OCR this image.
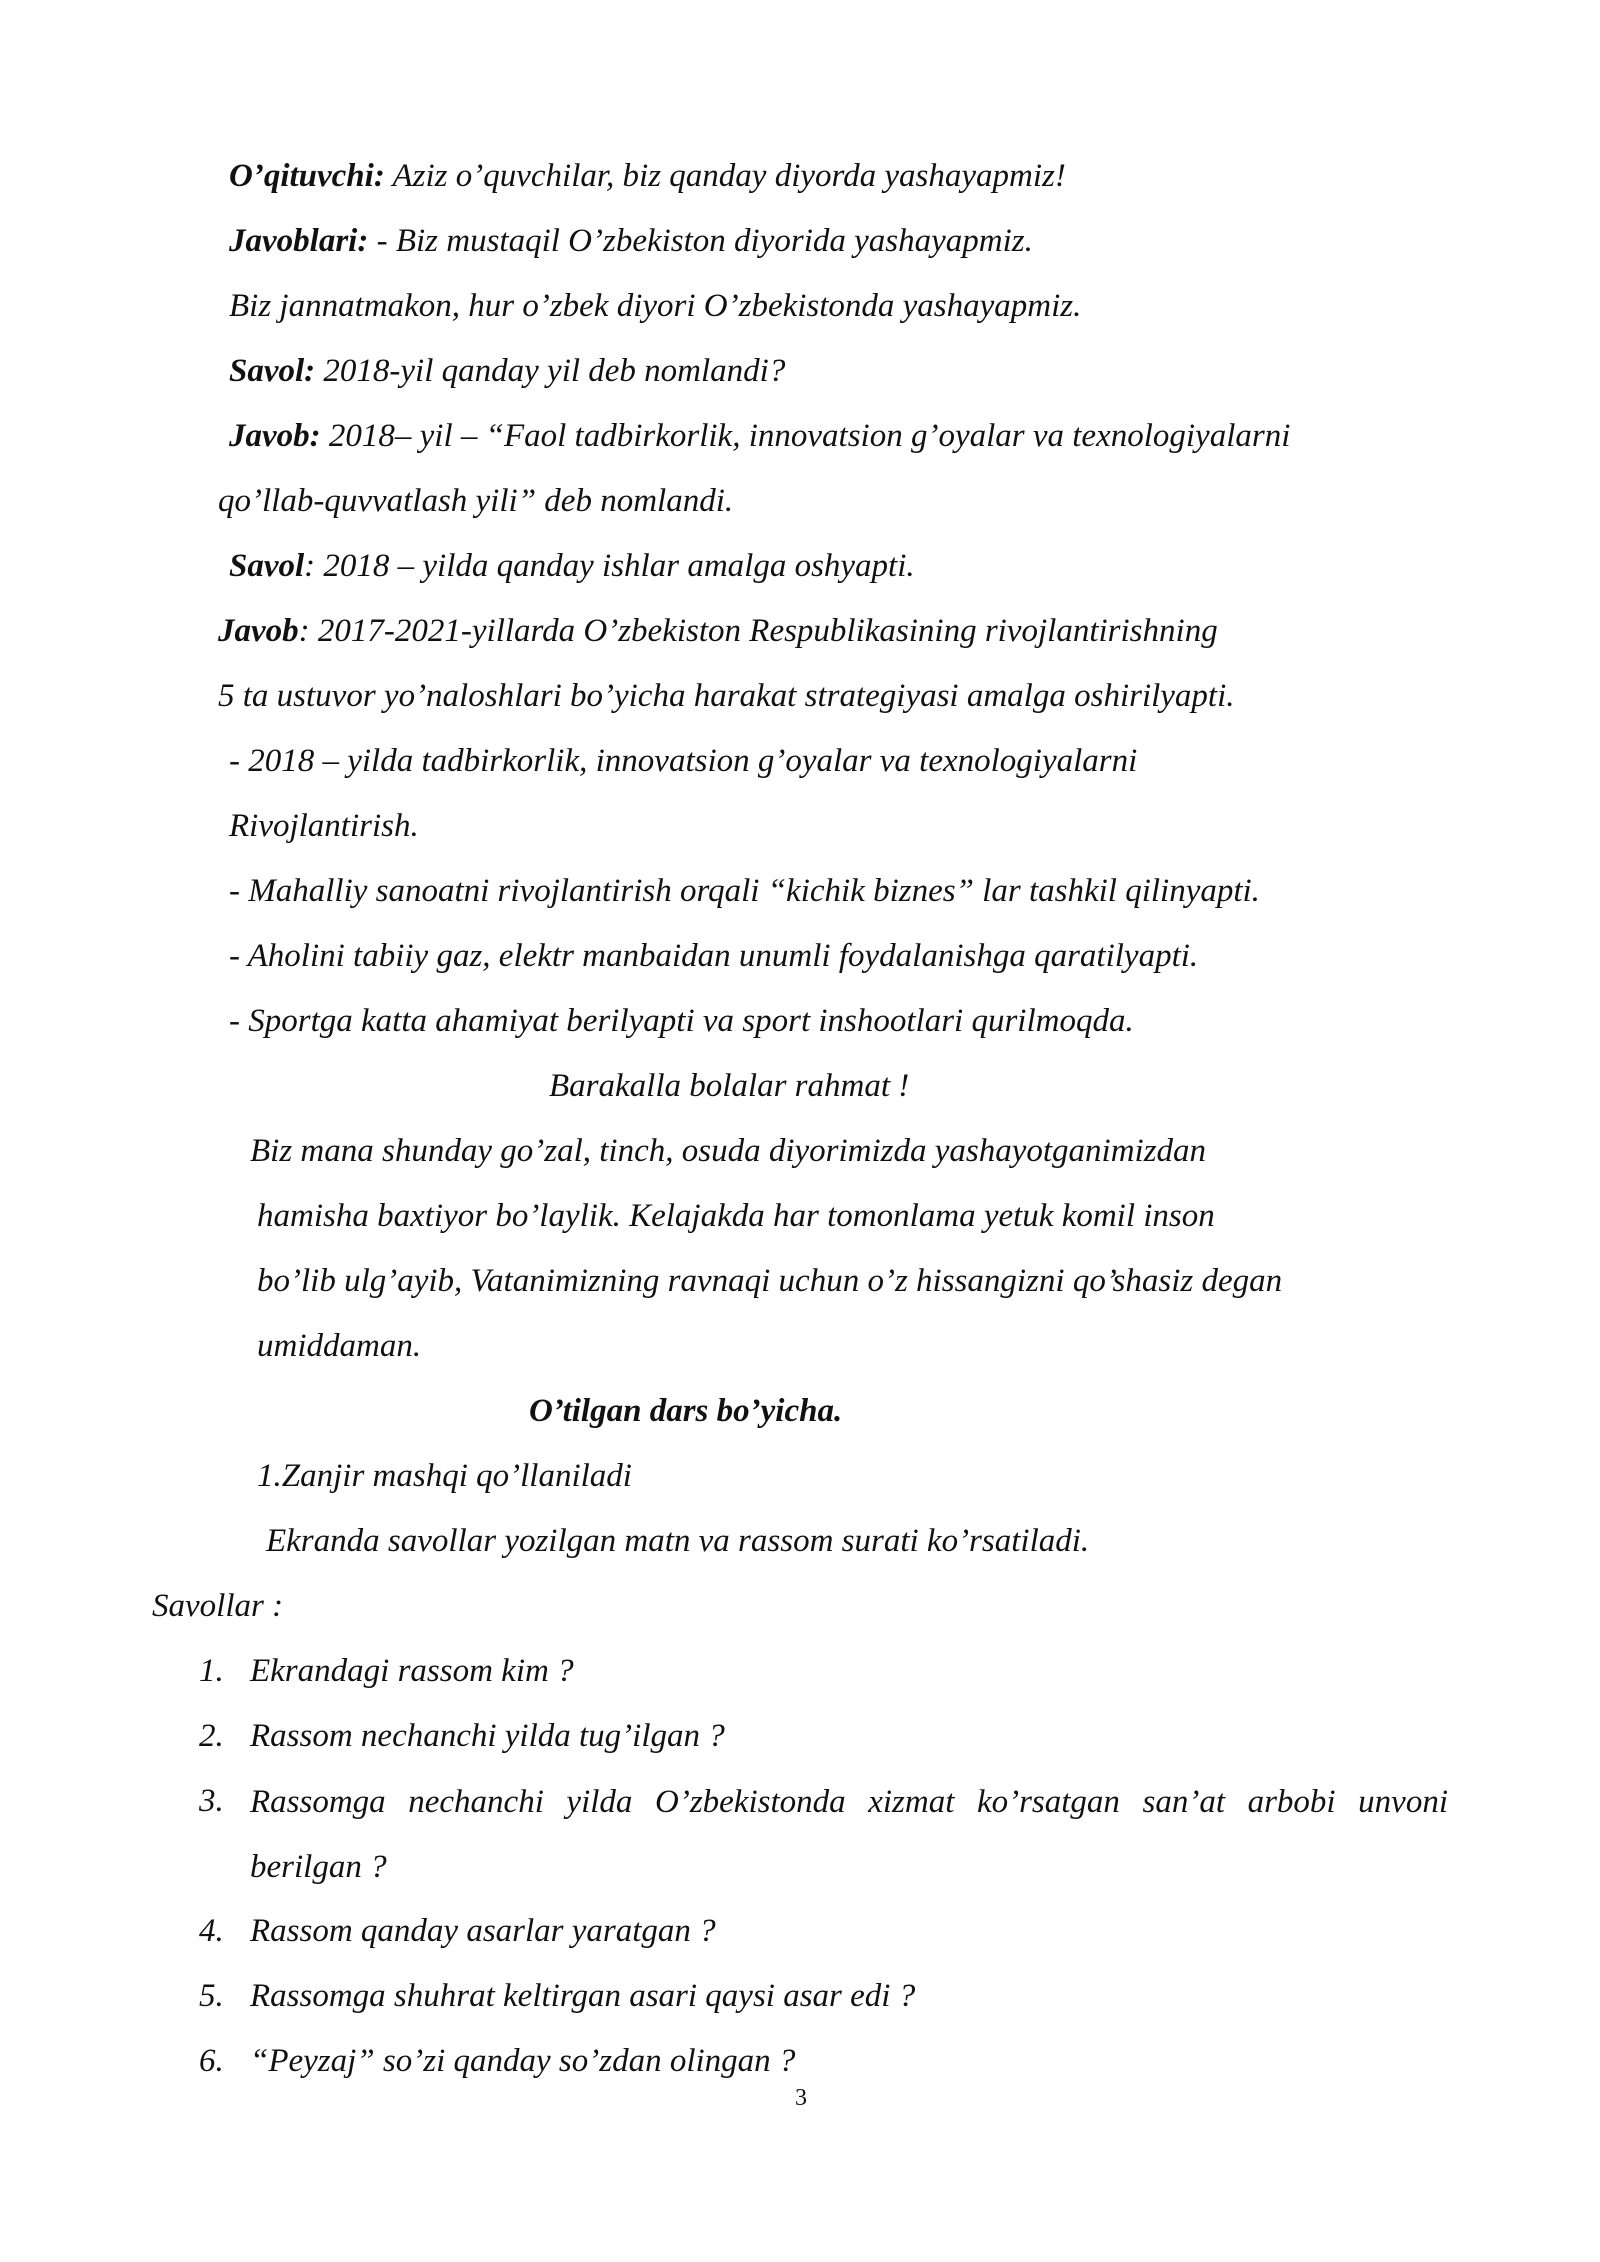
O’qituvchi: Aziz o’quvchilar, biz qanday diyorda yashayapmiz!
Javoblari: - Biz mustaqil O’zbekiston diyorida yashayapmiz.
Biz jannatmakon, hur o’zbek diyori O’zbekistonda yashayapmiz.
Savol: 2018-yil qanday yil deb nomlandi?
Javob: 2018– yil – “Faol tadbirkorlik, innovatsion g’oyalar va texnologiyalarni
qo’llab-quvvatlash yili” deb nomlandi.
Savol: 2018 – yilda qanday ishlar amalga oshyapti.
Javob: 2017-2021-yillarda O’zbekiston Respublikasining rivojlantirishning
5 ta ustuvor yo’naloshlari bo’yicha harakat strategiyasi amalga oshirilyapti.
- 2018 – yilda tadbirkorlik, innovatsion g’oyalar va texnologiyalarni
Rivojlantirish.
- Mahalliy sanoatni rivojlantirish orqali “kichik biznes” lar tashkil qilinyapti.
- Aholini tabiiy gaz, elektr manbaidan unumli foydalanishga qaratilyapti.
- Sportga katta ahamiyat berilyapti va sport inshootlari qurilmoqda.
Barakalla bolalar rahmat !
Biz mana shunday go’zal, tinch, osuda diyorimizda yashayotganimizdan
hamisha baxtiyor bo’laylik. Kelajakda har tomonlama yetuk komil inson
bo’lib ulg’ayib, Vatanimizning ravnaqi uchun o’z hissangizni qo’shasiz degan
umiddaman.
O’tilgan dars bo’yicha.
1.Zanjir mashqi qo’llaniladi
Ekranda savollar yozilgan matn va rassom surati ko’rsatiladi.
Savollar :
1. Ekrandagi rassom kim ?
2. Rassom nechanchi yilda tug’ilgan ?
3. Rassomga nechanchi yilda O’zbekistonda xizmat ko’rsatgan san’at arbobi unvoni berilgan ?
4. Rassom qanday asarlar yaratgan ?
5. Rassomga shuhrat keltirgan asari qaysi asar edi ?
6. “Peyzaj” so’zi qanday so’zdan olingan ?
3
